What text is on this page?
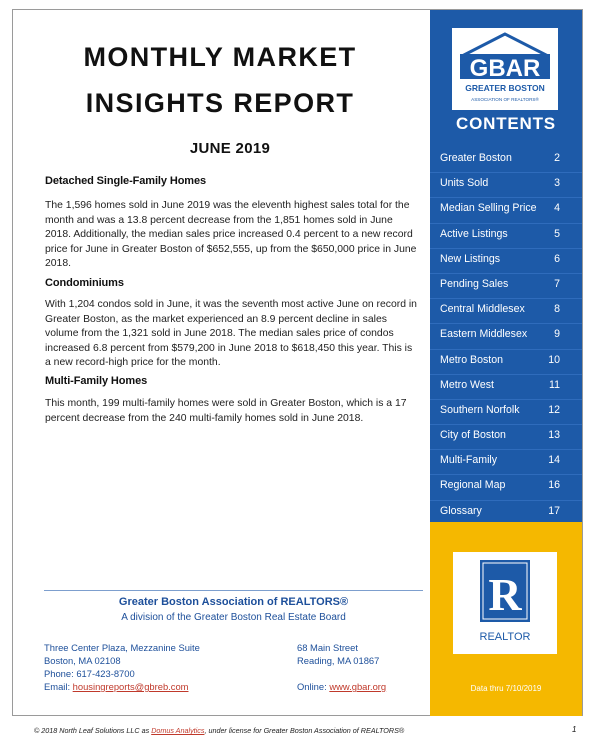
MONTHLY MARKET
INSIGHTS REPORT
JUNE 2019
Detached Single-Family Homes
The 1,596 homes sold in June 2019 was the eleventh highest sales total for the month and was a 13.8 percent decrease from the 1,851 homes sold in June 2018. Additionally, the median sales price increased 0.4 percent to a new record price for June in Greater Boston of $652,555, up from the $650,000 price in June 2018.
Condominiums
With 1,204 condos sold in June, it was the seventh most active June on record in Greater Boston, as the market experienced an 8.9 percent decline in sales volume from the 1,321 sold in June 2018. The median sales price of condos increased 6.8 percent from $579,200 in June 2018 to $618,450 this year. This is a new record-high price for the month.
Multi-Family Homes
This month, 199 multi-family homes were sold in Greater Boston, which is a 17 percent decrease from the 240 multi-family homes sold in June 2018.
GBAR
GREATER BOSTON
ASSOCIATION OF REALTORS®
CONTENTS
Greater Boston	2
Units Sold	3
Median Selling Price 4
Active Listings	5
New Listings	6
Pending Sales	7
Central Middlesex	8
Eastern Middlesex	9
Metro Boston	10
Metro West	11
Southern Norfolk	12
City of Boston	13
Multi-Family	14
Regional Map	16
Glossary	17
R
REALTOR
Data thru 7/10/2019
Greater Boston Association of REALTORS®
A division of the Greater Boston Real Estate Board
Three Center Plaza, Mezzanine Suite
Boston, MA 02108
Phone: 617-423-8700
Email: housingreports@gbreb.com
68 Main Street
Reading, MA 01867
Online: www.gbar.org
© 2018 North Leaf Solutions LLC as Domus Analytics, under license for Greater Boston Association of REALTORS®	1
